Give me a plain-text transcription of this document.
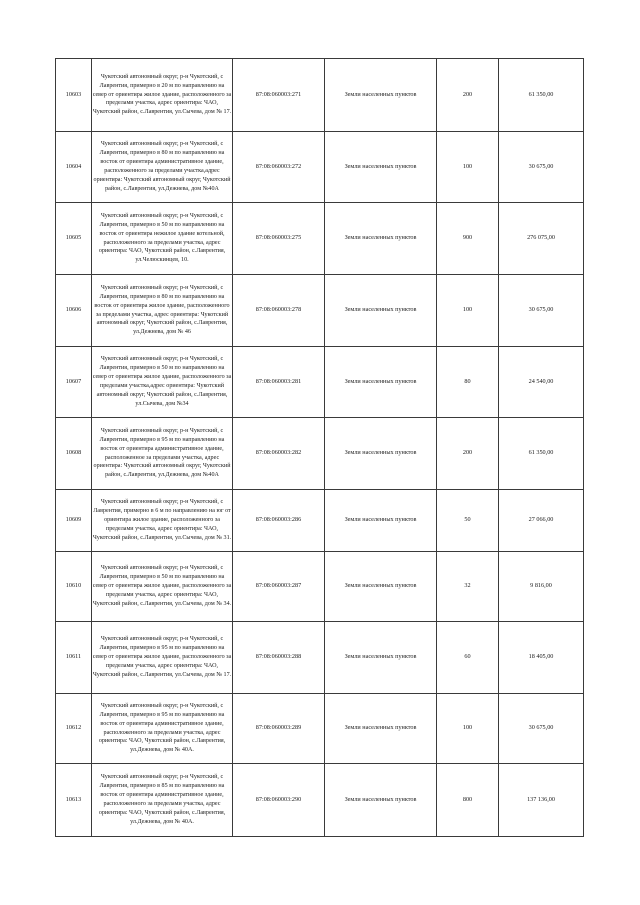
10603	Чукотский автономный округ, р-н Чукотский, с Лаврентия, примерно в 20 м по направлению на север от ориентира жилое здание, расположенного за пределами участка, адрес ориентира: ЧАО, Чукотский район, с.Лаврентия, ул.Сычева, дом № 17.	87:08:060003:271	Земли населенных пунктов	200	61 350,00
10604	Чукотский автономный округ, р-н Чукотский, с Лаврентия, примерно в 80 м по направлению на восток от ориентира административное здание, расположенного за пределами участка,адрес ориентира: Чукотский автономный округ, Чукотский район, с.Лаврентия, ул.Дежнева, дом №40А	87:08:060003:272	Земли населенных пунктов	100	30 675,00
10605	Чукотский автономный округ, р-н Чукотский, с Лаврентия, примерно в 50 м по направлению на восток от ориентира нежилое здание котельной, расположенного за пределами участка, адрес ориентира: ЧАО, Чукотский район, с.Лаврентия, ул.Челюскинцев, 10.	87:08:060003:275	Земли населенных пунктов	900	276 075,00
10606	Чукотский автономный округ, р-н Чукотский, с Лаврентия, примерно в 80 м по направлению на восток от ориентира жилое здание, расположенного за пределами участка, адрес ориентира: Чукотский автономный округ, Чукотский район, с.Лаврентия, ул.Дежнева, дом № 46	87:08:060003:278	Земли населенных пунктов	100	30 675,00
10607	Чукотский автономный округ, р-н Чукотский, с Лаврентия, примерно в 50 м по направлению на север от ориентира жилое здание, расположенного за пределами участка,адрес ориентира: Чукотский автономный округ, Чукотский район, с.Лаврентия, ул.Сычева, дом №34	87:08:060003:281	Земли населенных пунктов	80	24 540,00
10608	Чукотский автономный округ, р-н Чукотский, с Лаврентия, примерно в 95 м по направлению на восток от ориентира административное здание, расположенное за пределами участка, адрес ориентира: Чукотский автономный округ, Чукотский район, с.Лаврентия, ул.Дежнева, дом №40А	87:08:060003:282	Земли населенных пунктов	200	61 350,00
10609	Чукотский автономный округ, р-н Чукотский, с Лаврентия, примерно в 6 м по направлению на юг от ориентира жилое здание, расположенного за пределами участка, адрес ориентира: ЧАО, Чукотский район, с.Лаврентия, ул.Сычева, дом № 31.	87:08:060003:286	Земли населенных пунктов	50	27 066,00
10610	Чукотский автономный округ, р-н Чукотский, с Лаврентия, примерно в 50 м по направлению на север от ориентира жилое здание, расположенного за пределами участка, адрес ориентира: ЧАО, Чукотский район, с.Лаврентия, ул.Сычева, дом № 34.	87:08:060003:287	Земли населенных пунктов	32	9 816,00
10611	Чукотский автономный округ, р-н Чукотский, с Лаврентия, примерно в 95 м по направлению на север от ориентира жилое здание, расположенного за пределами участка, адрес ориентира: ЧАО, Чукотский район, с.Лаврентия, ул.Сычева, дом № 17.	87:08:060003:288	Земли населенных пунктов	60	18 405,00
10612	Чукотский автономный округ, р-н Чукотский, с Лаврентия, примерно в 95 м по направлению на восток от ориентира административное здание, расположенного за пределами участка, адрес ориентира: ЧАО, Чукотский район, с.Лаврентия, ул.Дежнева, дом № 40А.	87:08:060003:289	Земли населенных пунктов	100	30 675,00
10613	Чукотский автономный округ, р-н Чукотский, с Лаврентия, примерно в 85 м по направлению на восток от ориентира административное здание, расположенного за пределами участка, адрес ориентира: ЧАО, Чукотский район, с.Лаврентия, ул.Дежнева, дом № 40А.	87:08:060003:290	Земли населенных пунктов	800	137 136,00
